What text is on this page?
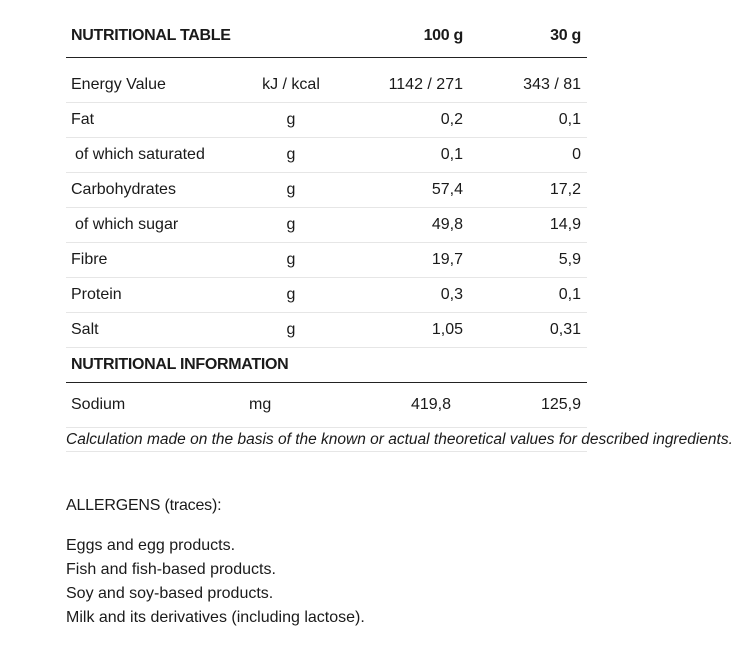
NUTRITIONAL TABLE		100 g	30 g
Energy Value	kJ / kcal	1142 / 271	343 / 81
Fat	g	0,2	0,1
of which saturated	g	0,1	0
Carbohydrates	g	57,4	17,2
of which sugar	g	49,8	14,9
Fibre	g	19,7	5,9
Protein	g	0,3	0,1
Salt	g	1,05	0,31
NUTRITIONAL INFORMATION			
Sodium	mg	419,8	125,9
Calculation made on the basis of the known or actual theoretical values for described ingredients.			
ALLERGENS (traces):
Eggs and egg products.
Fish and fish-based products.
Soy and soy-based products.
Milk and its derivatives (including lactose).
